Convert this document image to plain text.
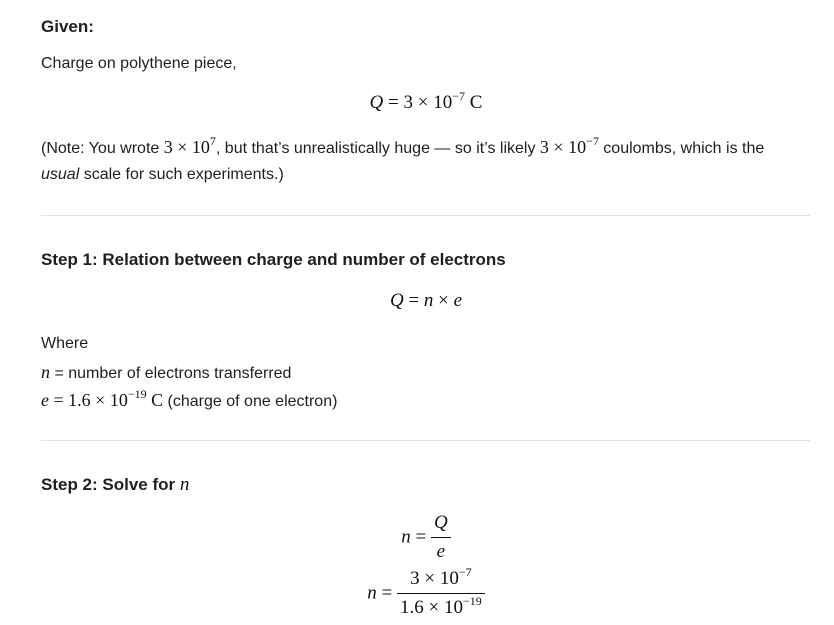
Given:
Charge on polythene piece,
$Q = 3 \times 10^{-7}$ C
(Note: You wrote $3 \times 10^7$, but that’s unrealistically huge — so it’s likely $3 \times 10^{-7}$ coulombs, which is the
usual scale for such experiments.)
Step 1: Relation between charge and number of electrons
Q = n × e
Where
n = number of electrons transferred
$e = 1.6 \times 10^{-19}$ C (charge of one electron)
Step 2: Solve for n
$n = \frac{Q}{e}$
$n = \frac{3 \times 10^{-7}}{1.6 \times 10^{-19}}$
